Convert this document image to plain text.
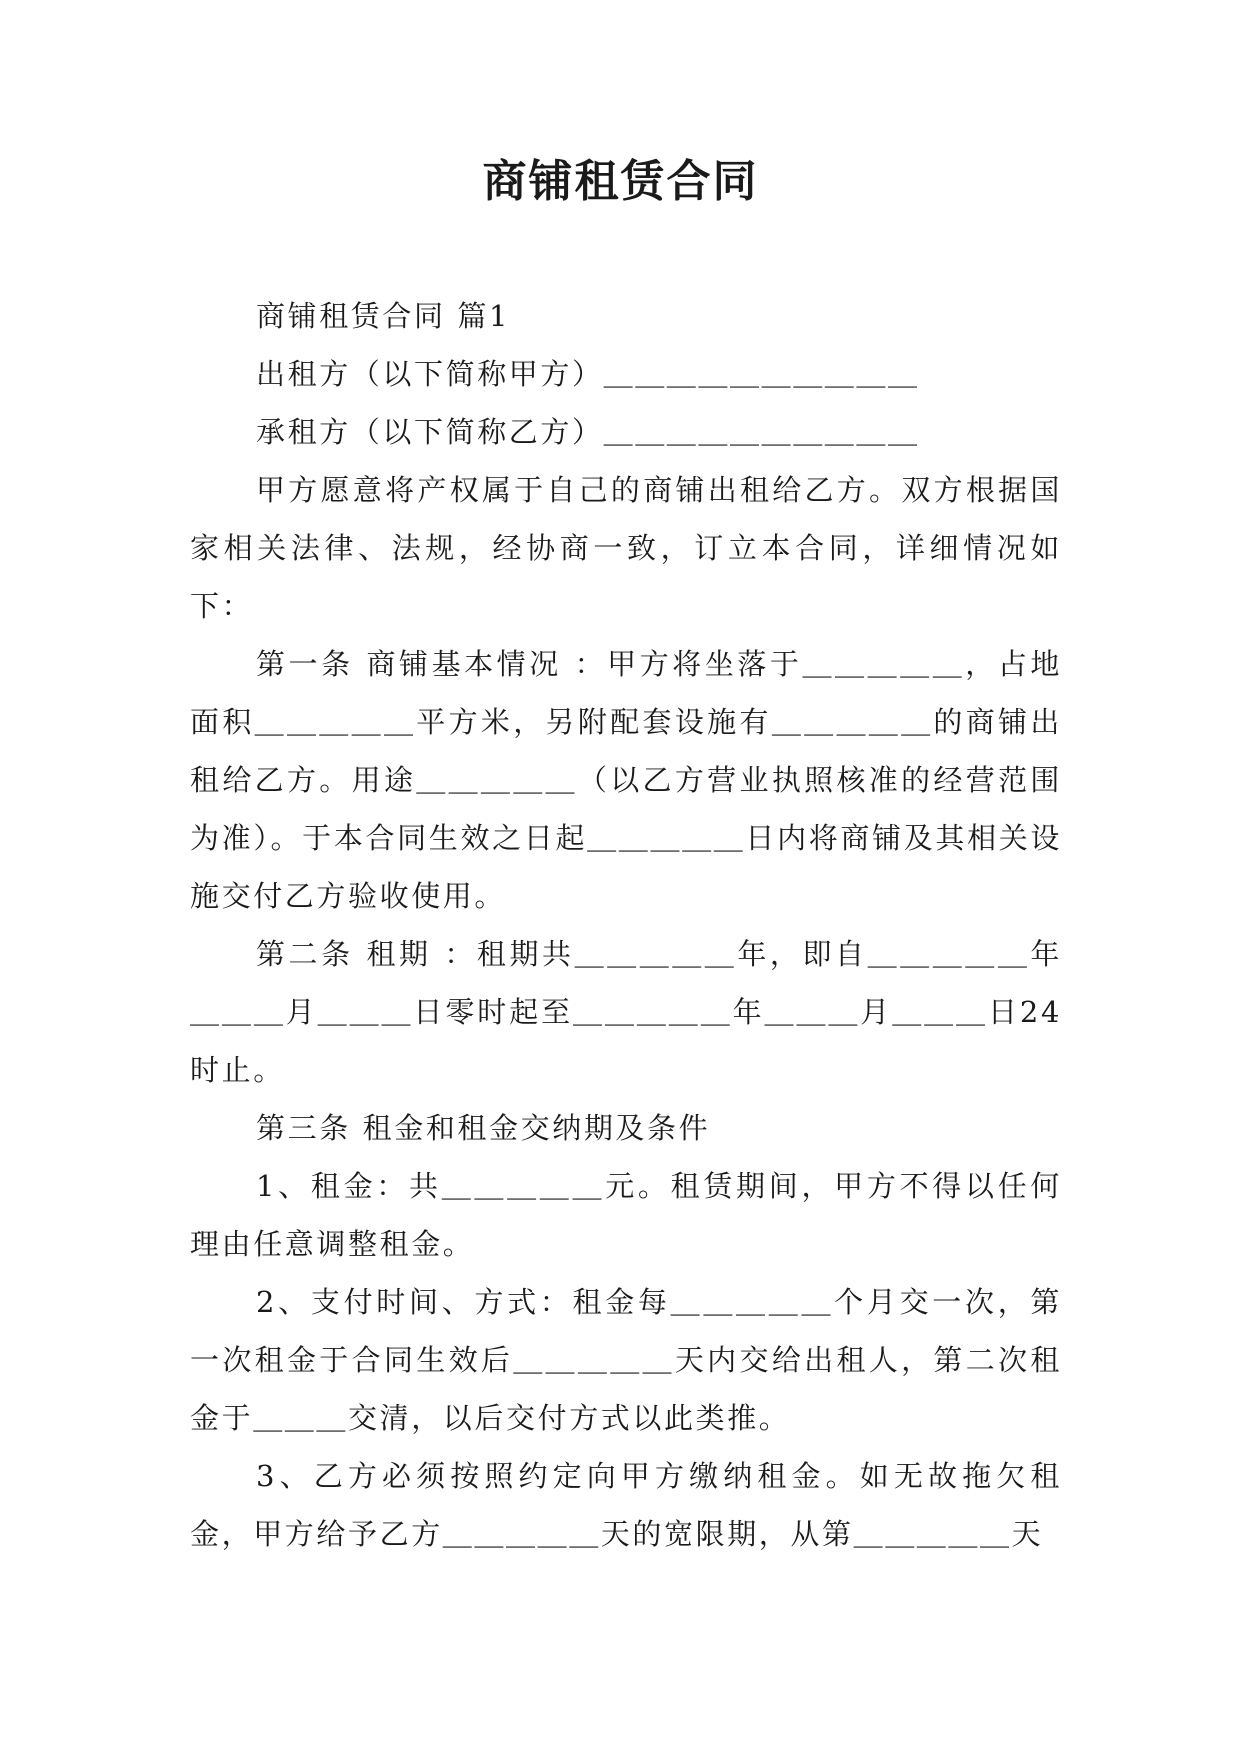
商铺租赁合同

商铺租赁合同 篇1

出租方（以下简称甲方）＿＿＿＿＿＿＿＿＿＿

承租方（以下简称乙方）＿＿＿＿＿＿＿＿＿＿

甲方愿意将产权属于自己的商铺出租给乙方。双方根据国家相关法律、法规，经协商一致，订立本合同，详细情况如下：

第一条 商铺基本情况 ：甲方将坐落于＿＿＿＿＿，占地面积＿＿＿＿＿平方米，另附配套设施有＿＿＿＿＿的商铺出租给乙方。用途＿＿＿＿＿（以乙方营业执照核准的经营范围为准）。于本合同生效之日起＿＿＿＿＿日内将商铺及其相关设施交付乙方验收使用。

第二条 租期 ：租期共＿＿＿＿＿年，即自＿＿＿＿＿年＿＿＿月＿＿＿日零时起至＿＿＿＿＿年＿＿＿月＿＿＿日24时止。

第三条 租金和租金交纳期及条件

1、租金：共＿＿＿＿＿元。租赁期间，甲方不得以任何理由任意调整租金。

2、支付时间、方式：租金每＿＿＿＿＿个月交一次，第一次租金于合同生效后＿＿＿＿＿天内交给出租人，第二次租金于＿＿＿交清，以后交付方式以此类推。

3、乙方必须按照约定向甲方缴纳租金。如无故拖欠租金，甲方给予乙方＿＿＿＿＿天的宽限期，从第＿＿＿＿＿天
